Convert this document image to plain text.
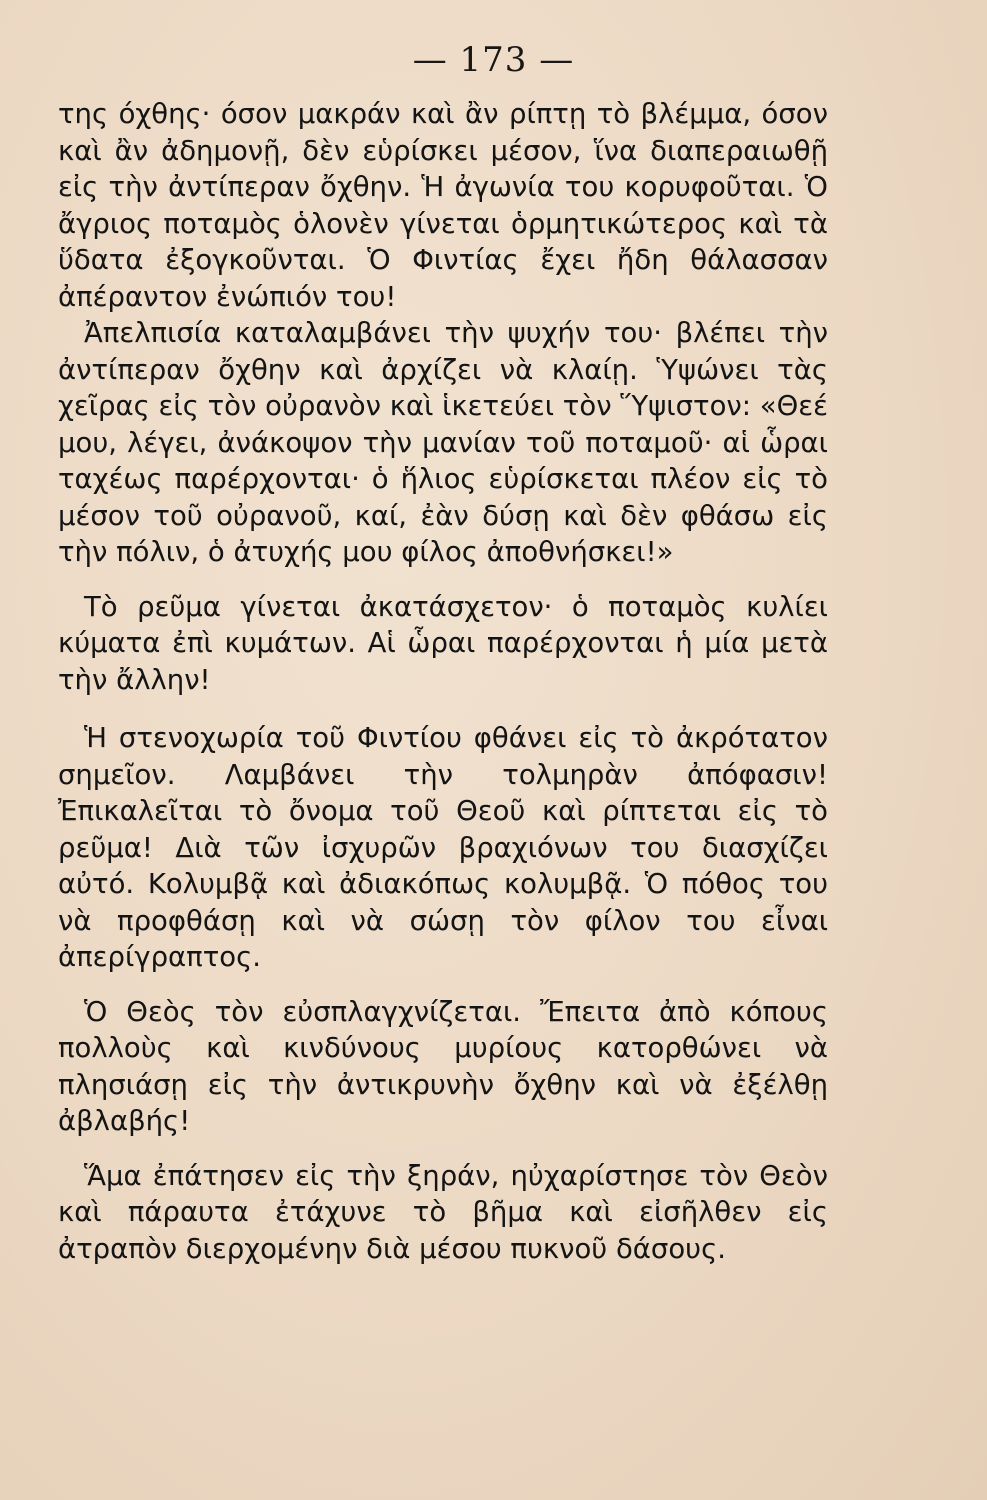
— 173 —

της όχθης· όσον μακράν καὶ ἂν ρίπτῃ τὸ βλέμμα, όσον καὶ ἂν ἀδημονῇ, δὲν εὑρίσκει μέσον, ἵνα διαπεραιωθῇ εἰς τὴν ἀντίπεραν ὄχθην. Ἡ ἀγωνία του κορυφοῦται. Ὁ ἄγριος ποταμὸς ὁλονὲν γίνεται ὁρμητικώτερος καὶ τὰ ὕδατα ἐξογκοῦνται. Ὁ Φιντίας ἔχει ἤδη θάλασσαν ἀπέραντον ἐνώπιόν του!

Ἀπελπισία καταλαμβάνει τὴν ψυχήν του· βλέπει τὴν ἀντίπεραν ὄχθην καὶ ἀρχίζει νὰ κλαίῃ. Ὑψώνει τὰς χεῖρας εἰς τὸν οὐρανὸν καὶ ἱκετεύει τὸν Ὕψιστον: «Θεέ μου, λέγει, ἀνάκοψον τὴν μανίαν τοῦ ποταμοῦ· αἱ ὧραι ταχέως παρέρχονται· ὁ ἥλιος εὑρίσκεται πλέον εἰς τὸ μέσον τοῦ οὐρανοῦ, καί, ἐὰν δύσῃ καὶ δὲν φθάσω εἰς τὴν πόλιν, ὁ ἀτυχής μου φίλος ἀποθνήσκει!»

Τὸ ρεῦμα γίνεται ἀκατάσχετον· ὁ ποταμὸς κυλίει κύματα ἐπὶ κυμάτων. Αἱ ὧραι παρέρχονται ἡ μία μετὰ τὴν ἄλλην!

Ἡ στενοχωρία τοῦ Φιντίου φθάνει εἰς τὸ ἀκρότατον σημεῖον. Λαμβάνει τὴν τολμηρὰν ἀπόφασιν! Ἐπικαλεῖται τὸ ὄνομα τοῦ Θεοῦ καὶ ρίπτεται εἰς τὸ ρεῦμα! Διὰ τῶν ἰσχυρῶν βραχιόνων του διασχίζει αὐτό. Κολυμβᾷ καὶ ἀδιακόπως κολυμβᾷ. Ὁ πόθος του νὰ προφθάσῃ καὶ νὰ σώσῃ τὸν φίλον του εἶναι ἀπερίγραπτος.

Ὁ Θεὸς τὸν εὐσπλαγχνίζεται. Ἔπειτα ἀπὸ κόπους πολλοὺς καὶ κινδύνους μυρίους κατορθώνει νὰ πλησιάσῃ εἰς τὴν ἀντικρυνὴν ὄχθην καὶ νὰ ἐξέλθῃ ἀβλαβής!

Ἅμα ἐπάτησεν εἰς τὴν ξηράν, ηὐχαρίστησε τὸν Θεὸν καὶ πάραυτα ἐτάχυνε τὸ βῆμα καὶ εἰσῆλθεν εἰς ἀτραπὸν διερχομένην διὰ μέσου πυκνοῦ δάσους.
